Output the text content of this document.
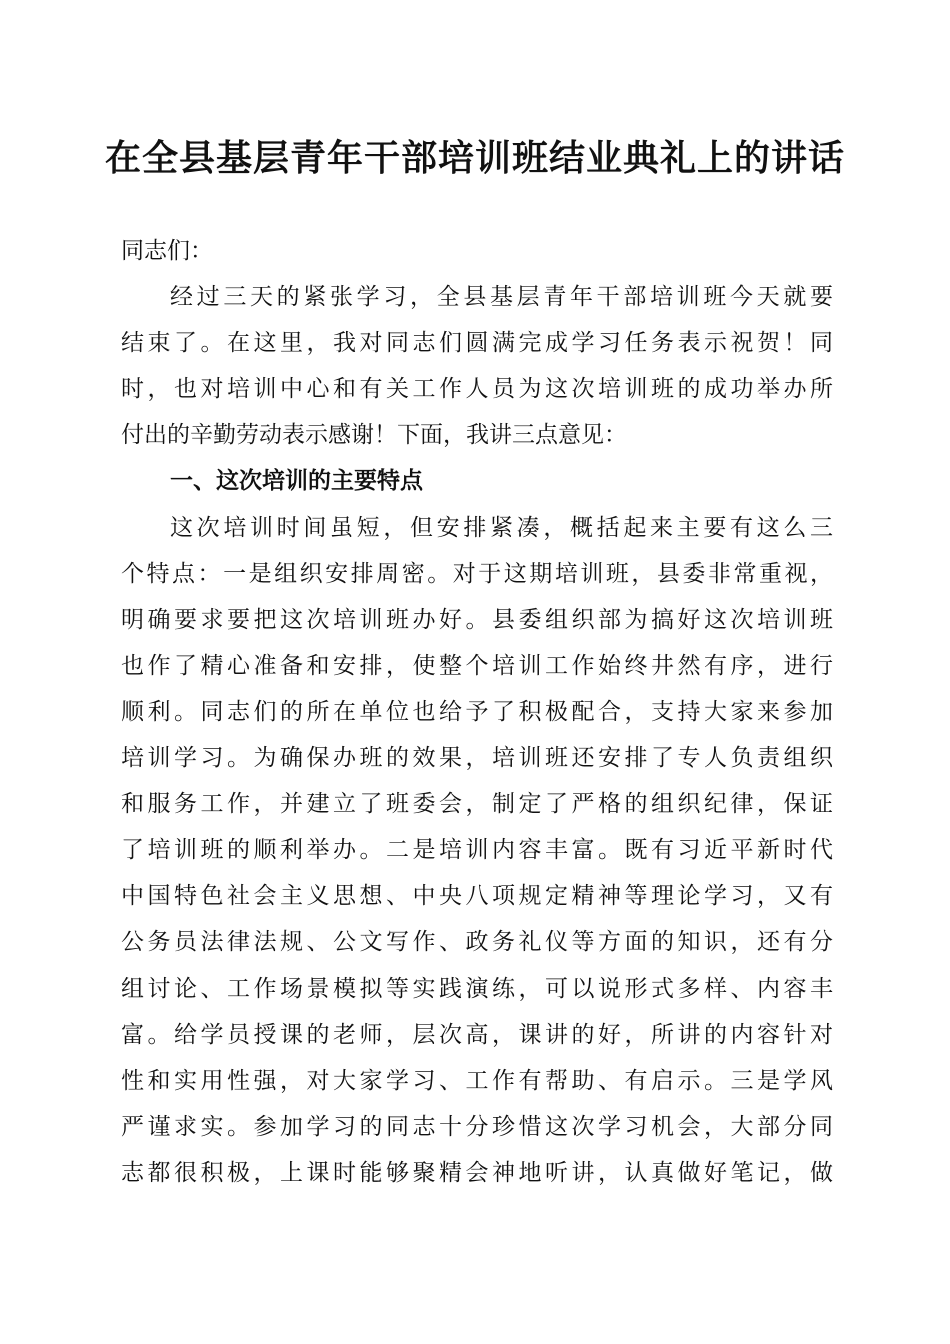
在全县基层青年干部培训班结业典礼上的讲话
同志们：
经过三天的紧张学习，全县基层青年干部培训班今天就要
结束了。在这里，我对同志们圆满完成学习任务表示祝贺！同
时，也对培训中心和有关工作人员为这次培训班的成功举办所
付出的辛勤劳动表示感谢！下面，我讲三点意见：
一、这次培训的主要特点
这次培训时间虽短，但安排紧凑，概括起来主要有这么三
个特点：一是组织安排周密。对于这期培训班，县委非常重视，
明确要求要把这次培训班办好。县委组织部为搞好这次培训班
也作了精心准备和安排，使整个培训工作始终井然有序，进行
顺利。同志们的所在单位也给予了积极配合，支持大家来参加
培训学习。为确保办班的效果，培训班还安排了专人负责组织
和服务工作，并建立了班委会，制定了严格的组织纪律，保证
了培训班的顺利举办。二是培训内容丰富。既有习近平新时代
中国特色社会主义思想、中央八项规定精神等理论学习，又有
公务员法律法规、公文写作、政务礼仪等方面的知识，还有分
组讨论、工作场景模拟等实践演练，可以说形式多样、内容丰
富。给学员授课的老师，层次高，课讲的好，所讲的内容针对
性和实用性强，对大家学习、工作有帮助、有启示。三是学风
严谨求实。参加学习的同志十分珍惜这次学习机会，大部分同
志都很积极，上课时能够聚精会神地听讲，认真做好笔记，做
